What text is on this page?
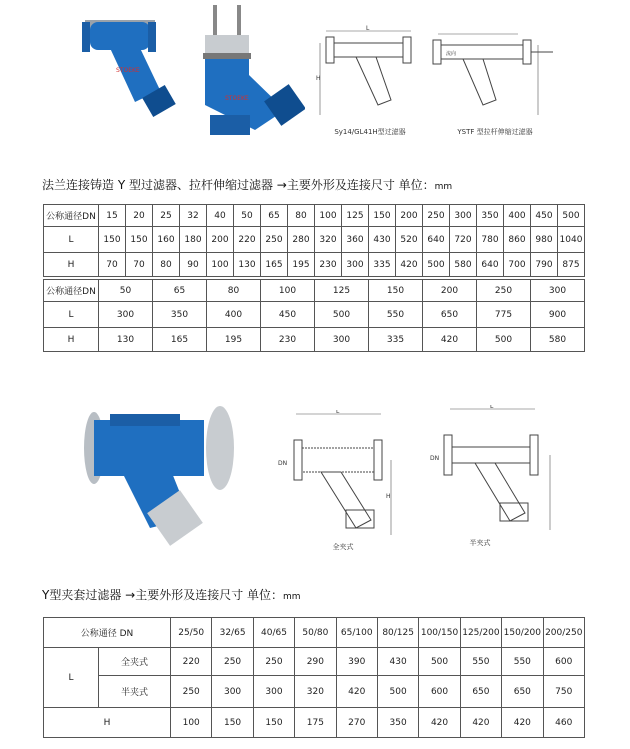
STOEKE
STOEKE
L
H
Sy14/GL41H型过滤器
流向
YSTF 型拉杆伸缩过滤器
法兰连接铸造 Y 型过滤器、拉杆伸缩过滤器 →主要外形及连接尺寸 单位：mm
公称通径DN	15	20	25	32	40	50	65	80	100	125	150	200	250	300	350	400	450	500
L	150	150	160	180	200	220	250	280	320	360	430	520	640	720	780	860	980	1040
H	70	70	80	90	100	130	165	195	230	300	335	420	500	580	640	700	790	875
公称通径DN	50	65	80	100	125	150	200	250	300
L	300	350	400	450	500	550	650	775	900
H	130	165	195	230	300	335	420	500	580
L
DN
H
全夹式
L
DN
半夹式
Y型夹套过滤器 →主要外形及连接尺寸 单位：mm
公称通径 DN		25/50	32/65	40/65	50/80	65/100	80/125	100/150	125/200	150/200	200/250
L	全夹式	220	250	250	290	390	430	500	550	550	600
	半夹式	250	300	300	320	420	500	600	650	650	750
H		100	150	150	175	270	350	420	420	420	460
